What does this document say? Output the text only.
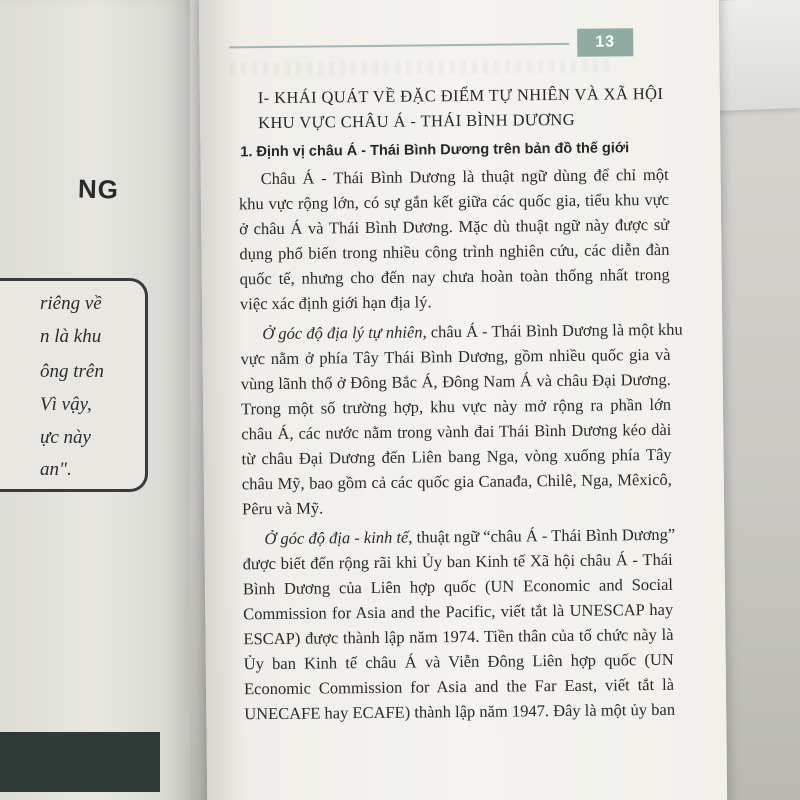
NG
riêng về
n là khu
ông trên
Vì vậy,
ực này
an".
13
I- KHÁI QUÁT VỀ ĐẶC ĐIỂM TỰ NHIÊN VÀ XÃ HỘI
KHU VỰC CHÂU Á - THÁI BÌNH DƯƠNG
1. Định vị châu Á - Thái Bình Dương trên bản đồ thế giới
Châu Á - Thái Bình Dương là thuật ngữ dùng để chỉ một
khu vực rộng lớn, có sự gắn kết giữa các quốc gia, tiểu khu vực
ở châu Á và Thái Bình Dương. Mặc dù thuật ngữ này được sử
dụng phổ biến trong nhiều công trình nghiên cứu, các diễn đàn
quốc tế, nhưng cho đến nay chưa hoàn toàn thống nhất trong
việc xác định giới hạn địa lý.
Ở góc độ địa lý tự nhiên, châu Á - Thái Bình Dương là một khu
vực nằm ở phía Tây Thái Bình Dương, gồm nhiều quốc gia và
vùng lãnh thổ ở Đông Bắc Á, Đông Nam Á và châu Đại Dương.
Trong một số trường hợp, khu vực này mở rộng ra phần lớn
châu Á, các nước nằm trong vành đai Thái Bình Dương kéo dài
từ châu Đại Dương đến Liên bang Nga, vòng xuống phía Tây
châu Mỹ, bao gồm cả các quốc gia Canađa, Chilê, Nga, Mêxicô,
Pêru và Mỹ.
Ở góc độ địa - kinh tế, thuật ngữ “châu Á - Thái Bình Dương”
được biết đến rộng rãi khi Ủy ban Kinh tế Xã hội châu Á - Thái
Bình Dương của Liên hợp quốc (UN Economic and Social
Commission for Asia and the Pacific, viết tắt là UNESCAP hay
ESCAP) được thành lập năm 1974. Tiền thân của tổ chức này là
Ủy ban Kinh tế châu Á và Viễn Đông Liên hợp quốc (UN
Economic Commission for Asia and the Far East, viết tắt là
UNECAFE hay ECAFE) thành lập năm 1947. Đây là một ủy ban
